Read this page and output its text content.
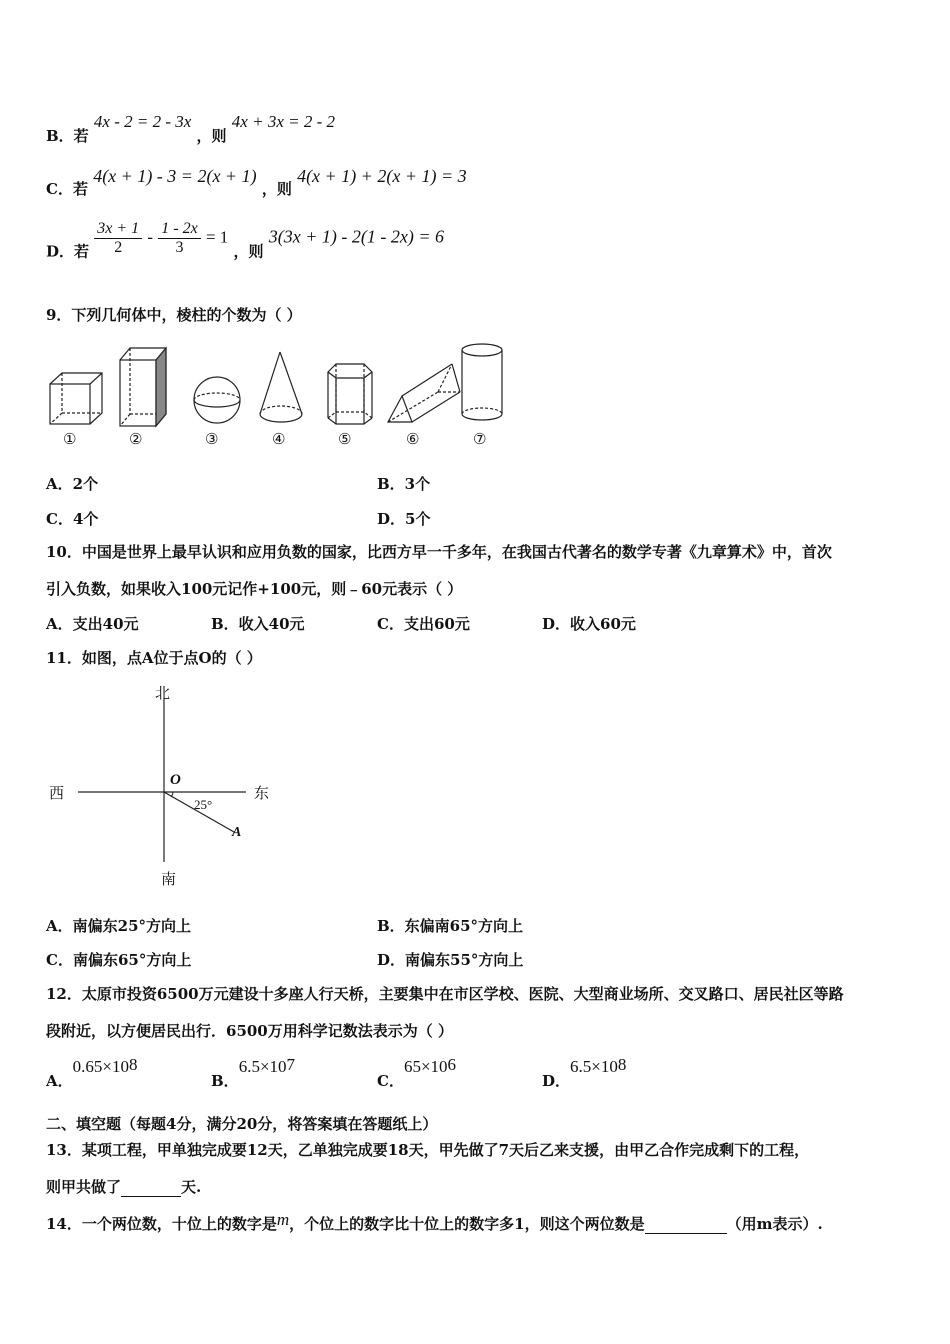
B．若 4x - 2 = 2 - 3x ，则 4x + 3x = 2 - 2
C．若 4(x + 1) - 3 = 2(x + 1) ，则 4(x + 1) + 2(x + 1) = 3
D．若 $\frac{3x + 1}{2} - \frac{1 - 2x}{3} = 1$ ，则 3(3x + 1) - 2(1 - 2x) = 6
9．下列几何体中，棱柱的个数为（ ）
①	②	③	④	⑤	⑥	⑦
A．2个	B．3个
C．4个	D．5个
10．中国是世界上最早认识和应用负数的国家，比西方早一千多年，在我国古代著名的数学专著《九章算术》中，首次
引入负数，如果收入100元记作+100元，则﹣60元表示（ ）
A．支出40元	B．收入40元	C．支出60元	D．收入60元
11．如图，点A位于点O的（ ）
北
南
西	东
O
A
25°
A．南偏东25°方向上	B．东偏南65°方向上
C．南偏东65°方向上	D．南偏东55°方向上
12．太原市投资6500万元建设十多座人行天桥，主要集中在市区学校、医院、大型商业场所、交叉路口、居民社区等路
段附近，以方便居民出行．6500万用科学记数法表示为（ ）
A．$0.65\times 10^8$
B．$6.5\times 10^7$
C．$65\times 10^6$
D．$6.5\times 10^8$
二、填空题（每题4分，满分20分，将答案填在答题纸上）
13．某项工程，甲单独完成要12天，乙单独完成要18天，甲先做了7天后乙来支援，由甲乙合作完成剩下的工程，
则甲共做了	天.
14．一个两位数，十位上的数字是m，个位上的数字比十位上的数字多1，则这个两位数是	（用m表示）.
